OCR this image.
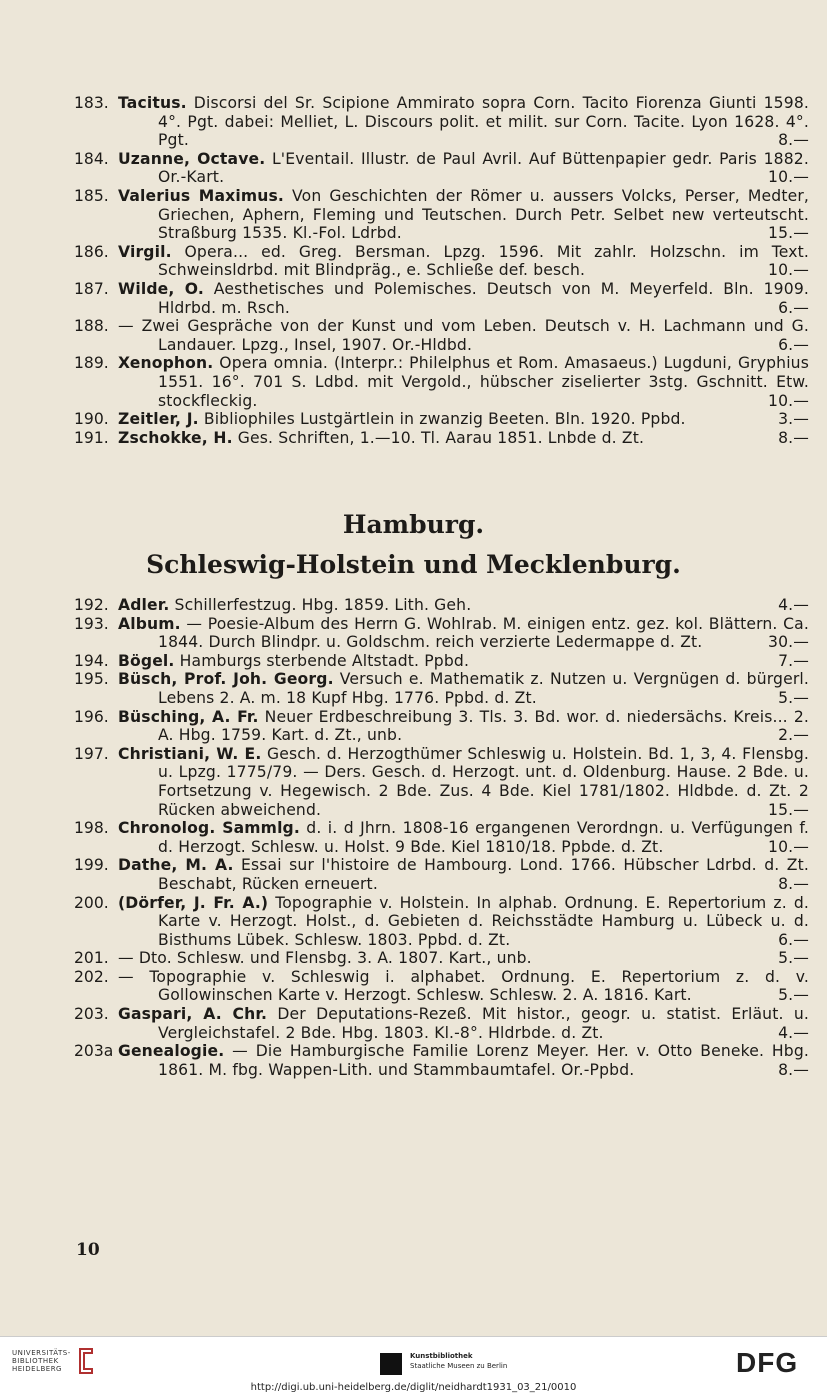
183. Tacitus. Discorsi del Sr. Scipione Ammirato sopra Corn. Tacito Fiorenza Giunti 1598. 4°. Pgt. dabei: Melliet, L. Discours polit. et milit. sur Corn. Tacite. Lyon 1628. 4°. Pgt.	8.—
184. Uzanne, Octave. L'Eventail. Illustr. de Paul Avril. Auf Büttenpapier gedr. Paris 1882. Or.-Kart.	10.—
185. Valerius Maximus. Von Geschichten der Römer u. aussers Volcks, Perser, Medter, Griechen, Aphern, Fleming und Teutschen. Durch Petr. Selbet new verteutscht. Straßburg 1535. Kl.-Fol. Ldrbd.	15.—
186. Virgil. Opera... ed. Greg. Bersman. Lpzg. 1596. Mit zahlr. Holzschn. im Text. Schweinsldrbd. mit Blindpräg., e. Schließe def. besch.	10.—
187. Wilde, O. Aesthetisches und Polemisches. Deutsch von M. Meyerfeld. Bln. 1909. Hldrbd. m. Rsch.	6.—
188. — Zwei Gespräche von der Kunst und vom Leben. Deutsch v. H. Lachmann und G. Landauer. Lpzg., Insel, 1907. Or.-Hldbd.	6.—
189. Xenophon. Opera omnia. (Interpr.: Philelphus et Rom. Amasaeus.) Lugduni, Gryphius 1551. 16°. 701 S. Ldbd. mit Vergold., hübscher ziselierter 3stg. Gschnitt. Etw. stockfleckig.	10.—
190. Zeitler, J. Bibliophiles Lustgärtlein in zwanzig Beeten. Bln. 1920. Ppbd.	3.—
191. Zschokke, H. Ges. Schriften, 1.—10. Tl. Aarau 1851. Lnbde d. Zt.	8.—
Hamburg.
Schleswig-Holstein und Mecklenburg.
192. Adler. Schillerfestzug. Hbg. 1859. Lith. Geh.	4.—
193. Album. — Poesie-Album des Herrn G. Wohlrab. M. einigen entz. gez. kol. Blättern. Ca. 1844. Durch Blindpr. u. Goldschm. reich verzierte Ledermappe d. Zt.	30.—
194. Bögel. Hamburgs sterbende Altstadt. Ppbd.	7.—
195. Büsch, Prof. Joh. Georg. Versuch e. Mathematik z. Nutzen u. Vergnügen d. bürgerl. Lebens 2. A. m. 18 Kupf Hbg. 1776. Ppbd. d. Zt.	5.—
196. Büsching, A. Fr. Neuer Erdbeschreibung 3. Tls. 3. Bd. wor. d. niedersächs. Kreis... 2. A. Hbg. 1759. Kart. d. Zt., unb.	2.—
197. Christiani, W. E. Gesch. d. Herzogthümer Schleswig u. Holstein. Bd. 1, 3, 4. Flensbg. u. Lpzg. 1775/79. — Ders. Gesch. d. Herzogt. unt. d. Oldenburg. Hause. 2 Bde. u. Fortsetzung v. Hegewisch. 2 Bde. Zus. 4 Bde. Kiel 1781/1802. Hldbde. d. Zt. 2 Rücken abweichend.	15.—
198. Chronolog. Sammlg. d. i. d Jhrn. 1808-16 ergangenen Verordngn. u. Verfügungen f. d. Herzogt. Schlesw. u. Holst. 9 Bde. Kiel 1810/18. Ppbde. d. Zt.	10.—
199. Dathe, M. A. Essai sur l'histoire de Hambourg. Lond. 1766. Hübscher Ldrbd. d. Zt. Beschabt, Rücken erneuert.	8.—
200. (Dörfer, J. Fr. A.) Topographie v. Holstein. In alphab. Ordnung. E. Repertorium z. d. Karte v. Herzogt. Holst., d. Gebieten d. Reichsstädte Hamburg u. Lübeck u. d. Bisthums Lübek. Schlesw. 1803. Ppbd. d. Zt.	6.—
201. — Dto. Schlesw. und Flensbg. 3. A. 1807. Kart., unb.	5.—
202. — Topographie v. Schleswig i. alphabet. Ordnung. E. Repertorium z. d. v. Gollowinschen Karte v. Herzogt. Schlesw. Schlesw. 2. A. 1816. Kart.	5.—
203. Gaspari, A. Chr. Der Deputations-Rezeß. Mit histor., geogr. u. statist. Erläut. u. Vergleichstafel. 2 Bde. Hbg. 1803. Kl.-8°. Hldrbde. d. Zt.	4.—
203a Genealogie. — Die Hamburgische Familie Lorenz Meyer. Her. v. Otto Beneke. Hbg. 1861. M. fbg. Wappen-Lith. und Stammbaumtafel. Or.-Ppbd.	8.—
10
UNIVERSITÄTS-
BIBLIOTHEK
HEIDELBERG
Kunstbibliothek
Staatliche Museen zu Berlin	DFG
http://digi.ub.uni-heidelberg.de/diglit/neidhardt1931_03_21/0010
